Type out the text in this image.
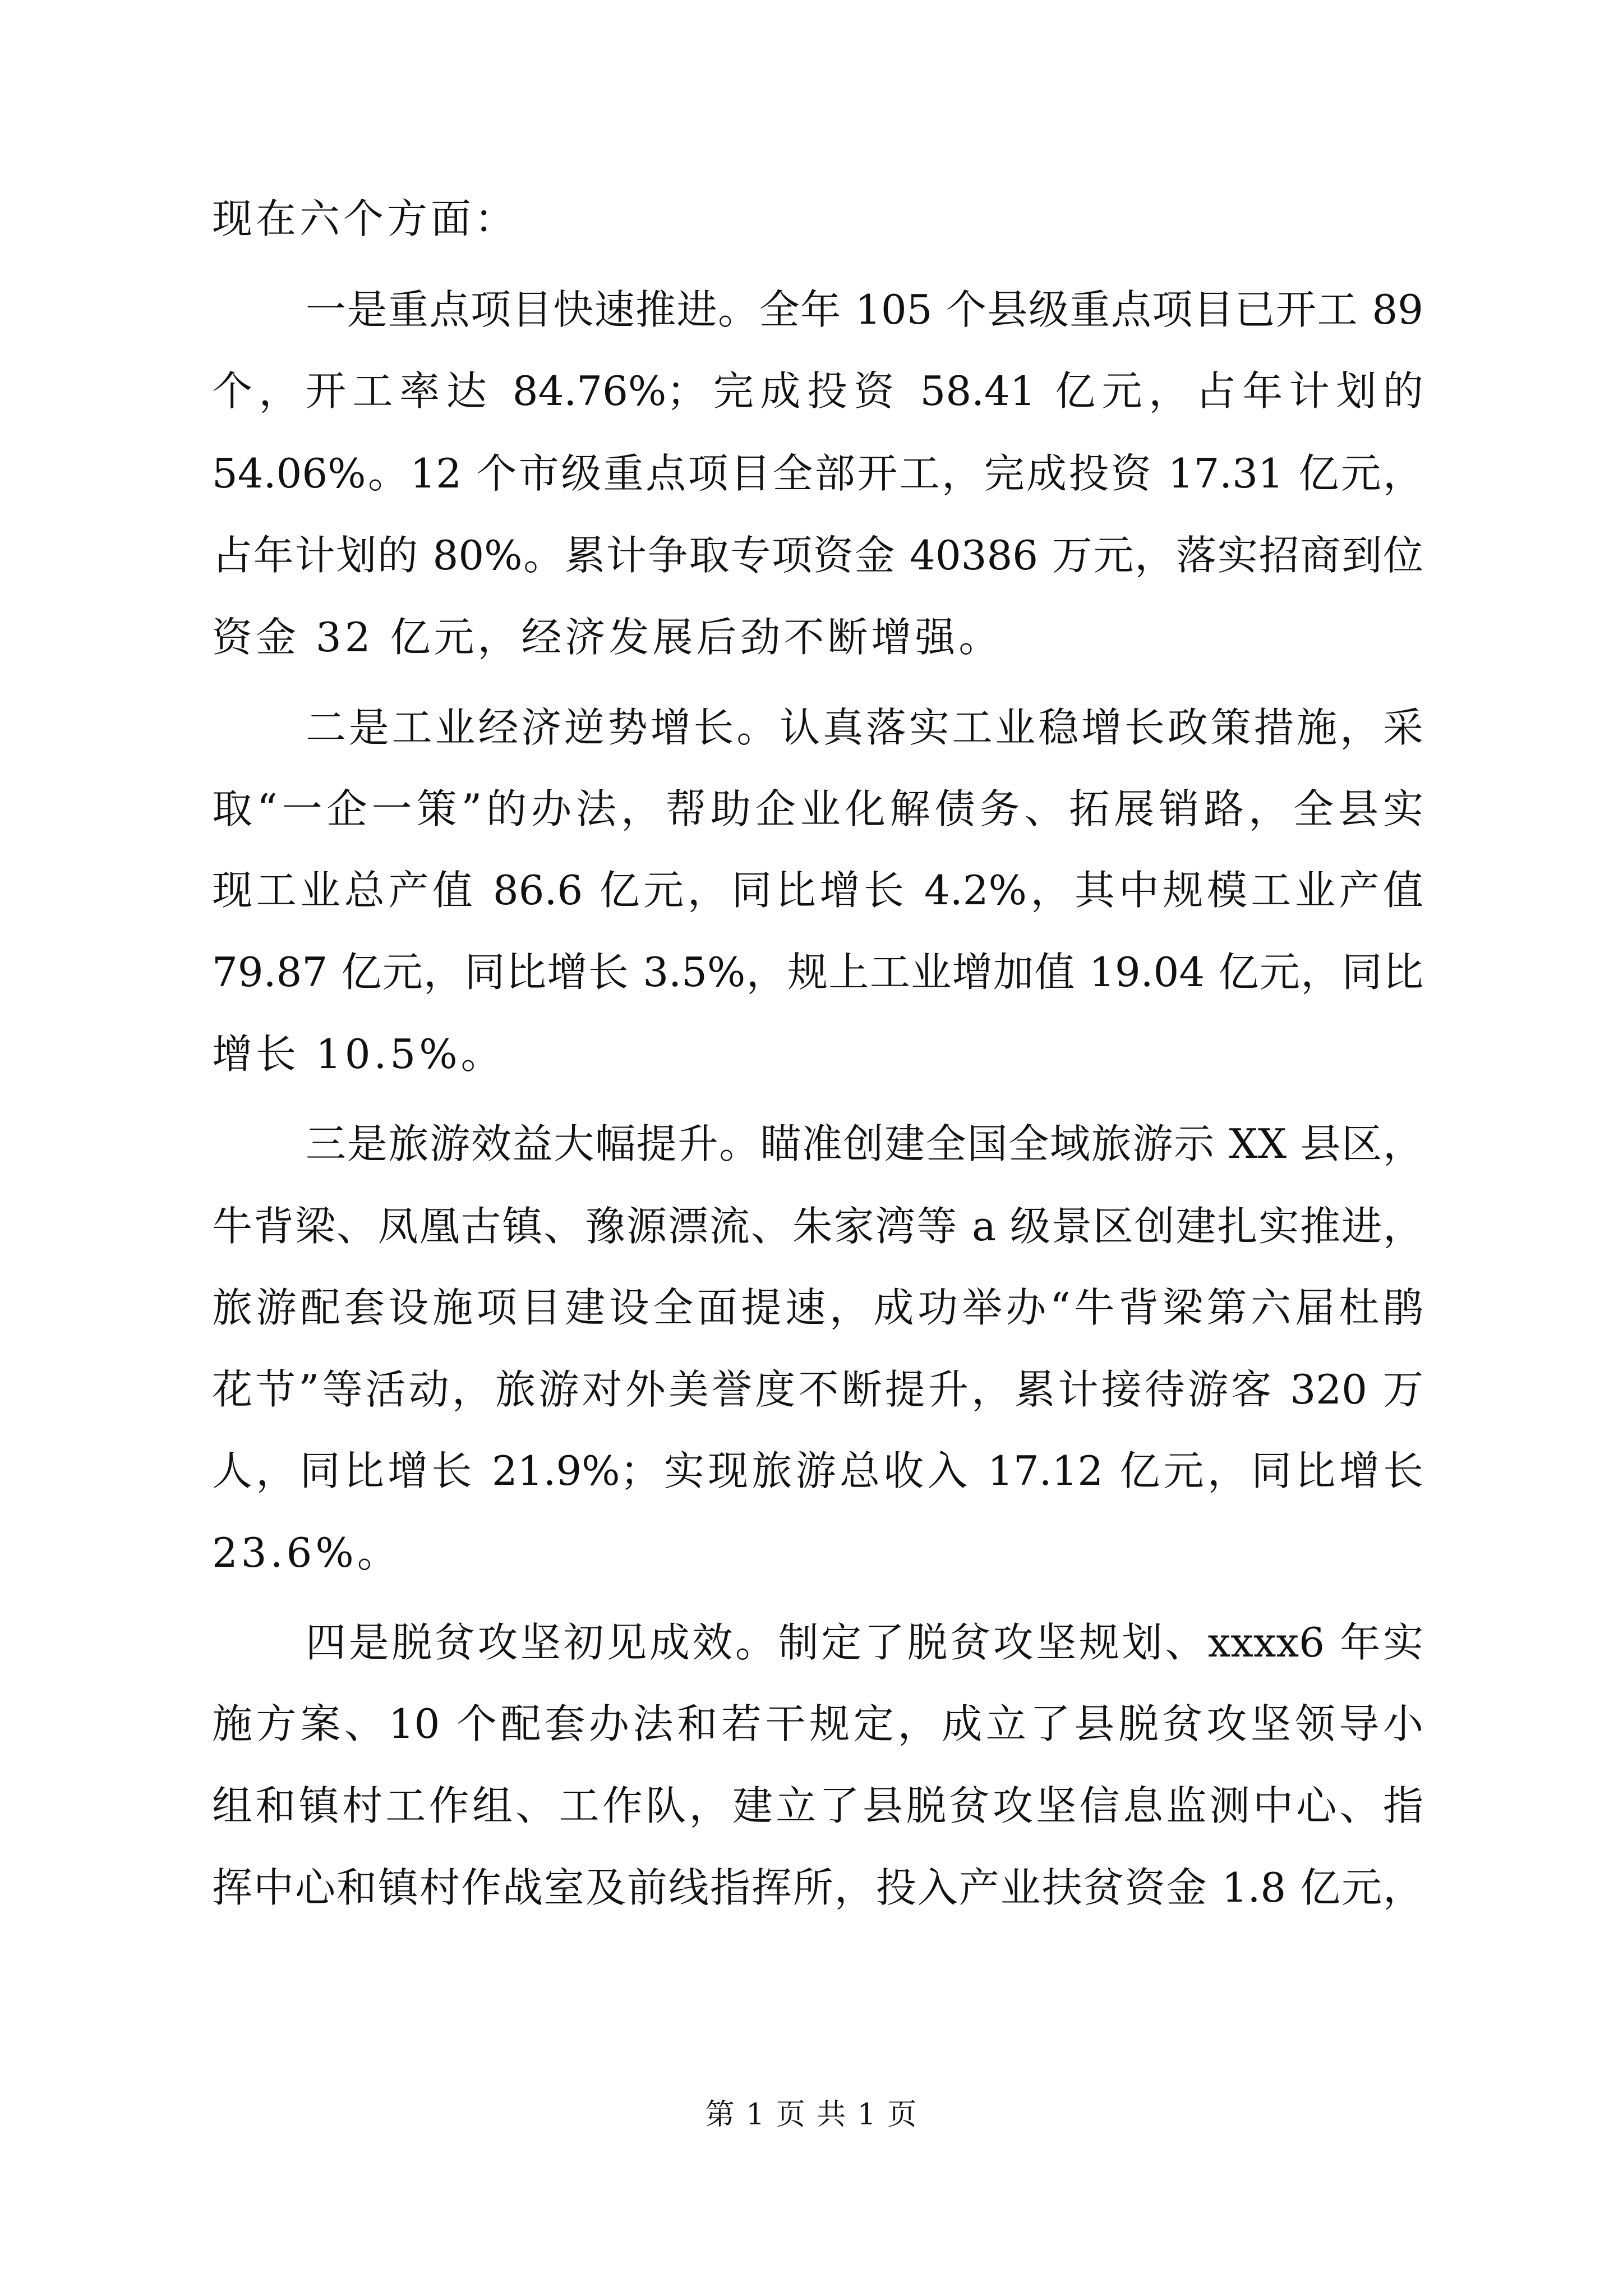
现在六个方面：
一是重点项目快速推进。全年 105 个县级重点项目已开工 89
个，开工率达 84.76%；完成投资 58.41 亿元，占年计划的
54.06%。12 个市级重点项目全部开工，完成投资 17.31 亿元，
占年计划的 80%。累计争取专项资金 40386 万元，落实招商到位
资金 32 亿元，经济发展后劲不断增强。
二是工业经济逆势增长。认真落实工业稳增长政策措施，采
取“一企一策”的办法，帮助企业化解债务、拓展销路，全县实
现工业总产值 86.6 亿元，同比增长 4.2%，其中规模工业产值
79.87 亿元，同比增长 3.5%，规上工业增加值 19.04 亿元，同比
增长 10.5%。
三是旅游效益大幅提升。瞄准创建全国全域旅游示 XX 县区，
牛背梁、凤凰古镇、豫源漂流、朱家湾等 a 级景区创建扎实推进，
旅游配套设施项目建设全面提速，成功举办“牛背梁第六届杜鹃
花节”等活动，旅游对外美誉度不断提升，累计接待游客 320 万
人，同比增长 21.9%；实现旅游总收入 17.12 亿元，同比增长
23.6%。
四是脱贫攻坚初见成效。制定了脱贫攻坚规划、xxxx6 年实
施方案、10 个配套办法和若干规定，成立了县脱贫攻坚领导小
组和镇村工作组、工作队，建立了县脱贫攻坚信息监测中心、指
挥中心和镇村作战室及前线指挥所，投入产业扶贫资金 1.8 亿元，
第 1 页 共 1 页
